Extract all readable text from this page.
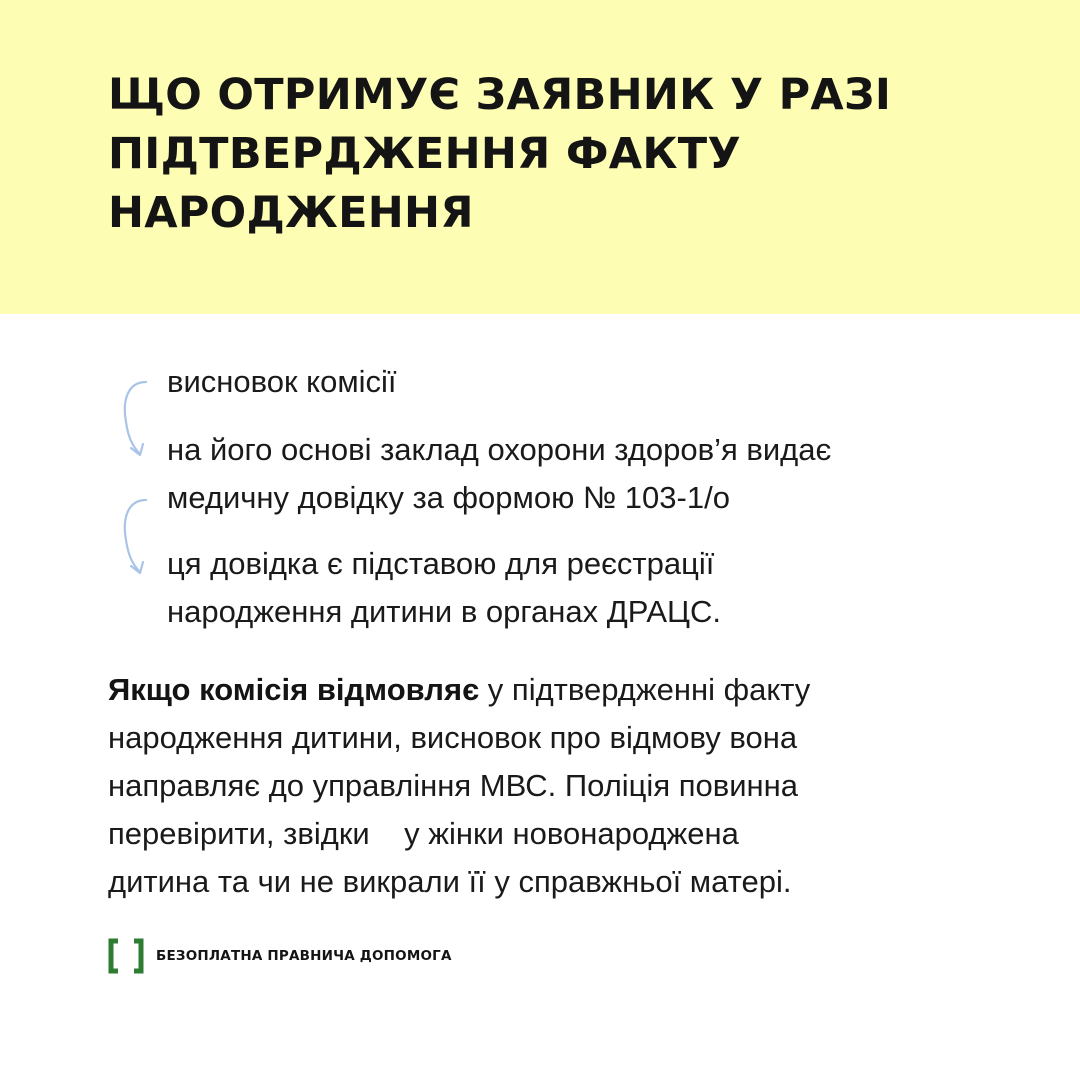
ЩО ОТРИМУЄ ЗАЯВНИК У РАЗІ
ПІДТВЕРДЖЕННЯ ФАКТУ
НАРОДЖЕННЯ
висновок комісії
на його основі заклад охорони здоров’я видає
медичну довідку за формою № 103-1/о
ця довідка є підставою для реєстрації
народження дитини в органах ДРАЦС.
Якщо комісія відмовляє у підтвердженні факту
народження дитини, висновок про відмову вона
направляє до управління МВС. Поліція повинна
перевірити, звідки    у жінки новонароджена
дитина та чи не викрали її у справжньої матері.
БЕЗОПЛАТНА ПРАВНИЧА ДОПОМОГА
